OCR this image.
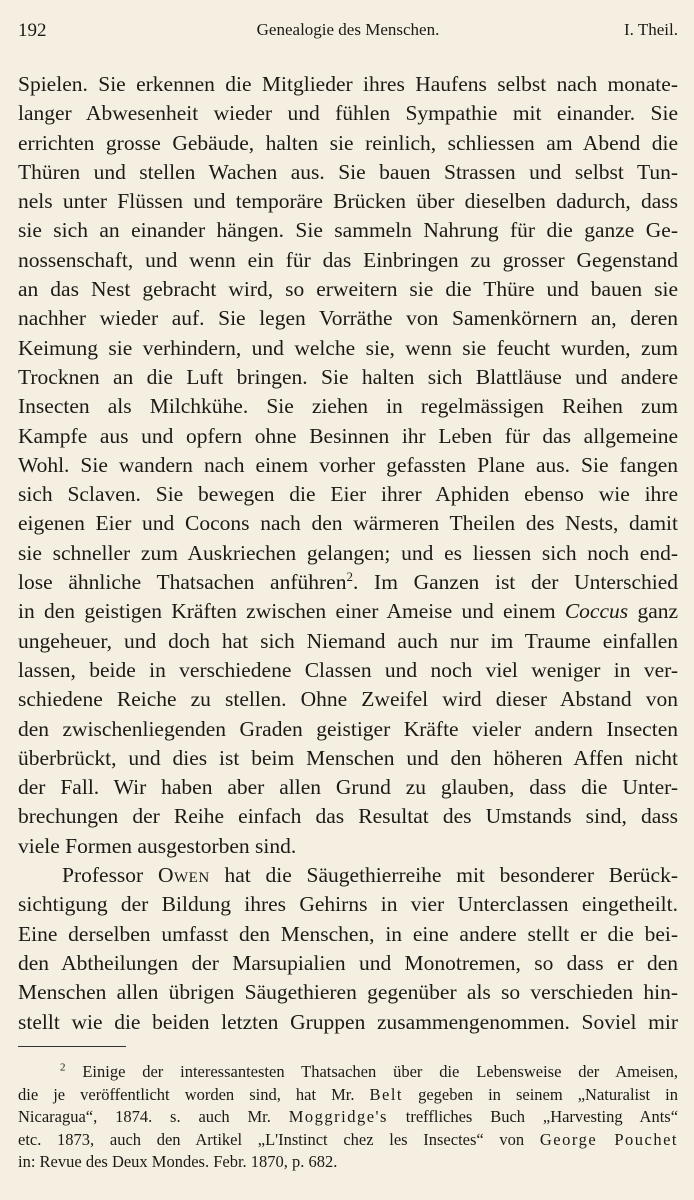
192	Genealogie des Menschen.	I. Theil.
Spielen. Sie erkennen die Mitglieder ihres Haufens selbst nach monate-
langer Abwesenheit wieder und fühlen Sympathie mit einander. Sie
errichten grosse Gebäude, halten sie reinlich, schliessen am Abend die
Thüren und stellen Wachen aus. Sie bauen Strassen und selbst Tun-
nels unter Flüssen und temporäre Brücken über dieselben dadurch, dass
sie sich an einander hängen. Sie sammeln Nahrung für die ganze Ge-
nossenschaft, und wenn ein für das Einbringen zu grosser Gegenstand
an das Nest gebracht wird, so erweitern sie die Thüre und bauen sie
nachher wieder auf. Sie legen Vorräthe von Samenkörnern an, deren
Keimung sie verhindern, und welche sie, wenn sie feucht wurden, zum
Trocknen an die Luft bringen. Sie halten sich Blattläuse und andere
Insecten als Milchkühe. Sie ziehen in regelmässigen Reihen zum
Kampfe aus und opfern ohne Besinnen ihr Leben für das allgemeine
Wohl. Sie wandern nach einem vorher gefassten Plane aus. Sie fangen
sich Sclaven. Sie bewegen die Eier ihrer Aphiden ebenso wie ihre
eigenen Eier und Cocons nach den wärmeren Theilen des Nests, damit
sie schneller zum Auskriechen gelangen; und es liessen sich noch end-
lose ähnliche Thatsachen anführen$^2$. Im Ganzen ist der Unterschied
in den geistigen Kräften zwischen einer Ameise und einem Coccus ganz
ungeheuer, und doch hat sich Niemand auch nur im Traume einfallen
lassen, beide in verschiedene Classen und noch viel weniger in ver-
schiedene Reiche zu stellen. Ohne Zweifel wird dieser Abstand von
den zwischenliegenden Graden geistiger Kräfte vieler andern Insecten
überbrückt, und dies ist beim Menschen und den höheren Affen nicht
der Fall. Wir haben aber allen Grund zu glauben, dass die Unter-
brechungen der Reihe einfach das Resultat des Umstands sind, dass
viele Formen ausgestorben sind.
Professor Owen hat die Säugethierreihe mit besonderer Berück-
sichtigung der Bildung ihres Gehirns in vier Unterclassen eingetheilt.
Eine derselben umfasst den Menschen, in eine andere stellt er die bei-
den Abtheilungen der Marsupialien und Monotremen, so dass er den
Menschen allen übrigen Säugethieren gegenüber als so verschieden hin-
stellt wie die beiden letzten Gruppen zusammengenommen. Soviel mir
$^2$ Einige der interessantesten Thatsachen über die Lebensweise der Ameisen,
die je veröffentlicht worden sind, hat Mr. Belt gegeben in seinem „Naturalist in
Nicaragua“, 1874. s. auch Mr. Moggridge's treffliches Buch „Harvesting Ants“
etc. 1873, auch den Artikel „L'Instinct chez les Insectes“ von George Pouchet
in: Revue des Deux Mondes. Febr. 1870, p. 682.
